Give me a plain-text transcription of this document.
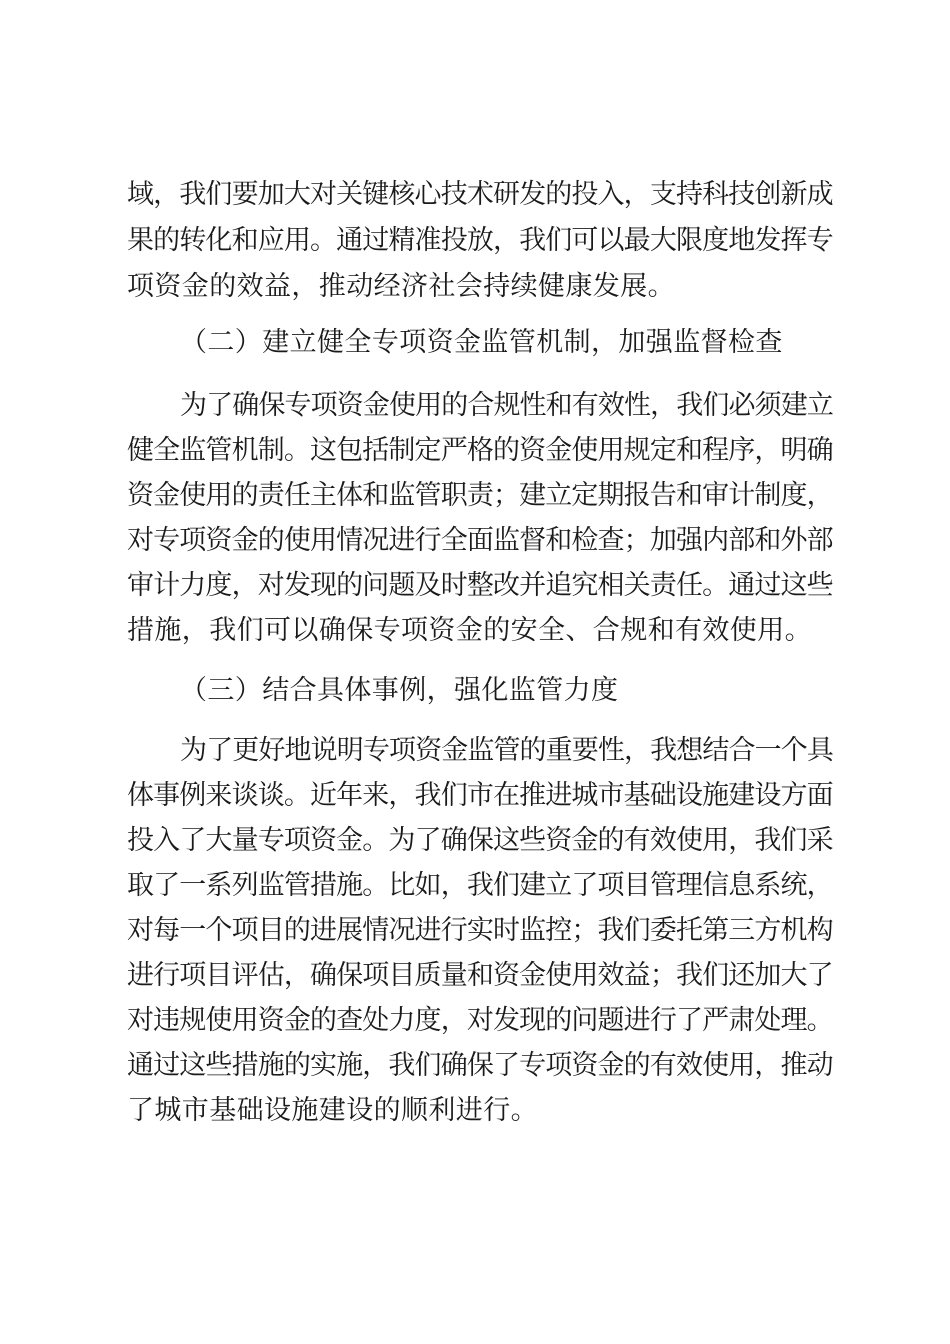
域，我们要加大对关键核心技术研发的投入，支持科技创新成
果的转化和应用。通过精准投放，我们可以最大限度地发挥专
项资金的效益，推动经济社会持续健康发展。
（二）建立健全专项资金监管机制，加强监督检查
为了确保专项资金使用的合规性和有效性，我们必须建立
健全监管机制。这包括制定严格的资金使用规定和程序，明确
资金使用的责任主体和监管职责；建立定期报告和审计制度，
对专项资金的使用情况进行全面监督和检查；加强内部和外部
审计力度，对发现的问题及时整改并追究相关责任。通过这些
措施，我们可以确保专项资金的安全、合规和有效使用。
（三）结合具体事例，强化监管力度
为了更好地说明专项资金监管的重要性，我想结合一个具
体事例来谈谈。近年来，我们市在推进城市基础设施建设方面
投入了大量专项资金。为了确保这些资金的有效使用，我们采
取了一系列监管措施。比如，我们建立了项目管理信息系统，
对每一个项目的进展情况进行实时监控；我们委托第三方机构
进行项目评估，确保项目质量和资金使用效益；我们还加大了
对违规使用资金的查处力度，对发现的问题进行了严肃处理。
通过这些措施的实施，我们确保了专项资金的有效使用，推动
了城市基础设施建设的顺利进行。
